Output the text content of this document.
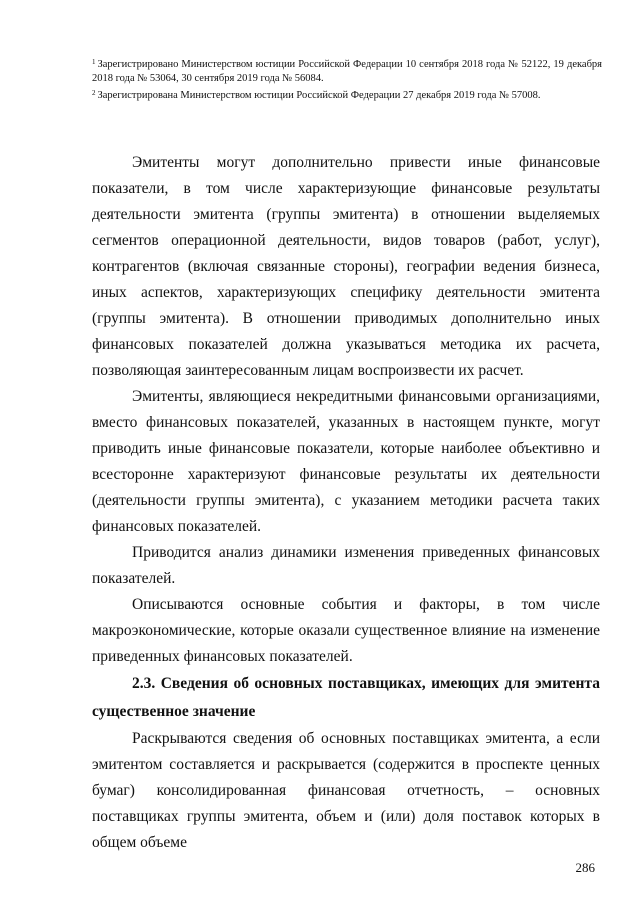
$^1$ Зарегистрировано Министерством юстиции Российской Федерации 10 сентября 2018 года № 52122, 19 декабря 2018 года № 53064, 30 сентября 2019 года № 56084.

$^2$ Зарегистрирована Министерством юстиции Российской Федерации 27 декабря 2019 года № 57008.

Эмитенты могут дополнительно привести иные финансовые показатели, в том числе характеризующие финансовые результаты деятельности эмитента (группы эмитента) в отношении выделяемых сегментов операционной деятельности, видов товаров (работ, услуг), контрагентов (включая связанные стороны), географии ведения бизнеса, иных аспектов, характеризующих специфику деятельности эмитента (группы эмитента). В отношении приводимых дополнительно иных финансовых показателей должна указываться методика их расчета, позволяющая заинтересованным лицам воспроизвести их расчет.

Эмитенты, являющиеся некредитными финансовыми организациями, вместо финансовых показателей, указанных в настоящем пункте, могут приводить иные финансовые показатели, которые наиболее объективно и всесторонне характеризуют финансовые результаты их деятельности (деятельности группы эмитента), с указанием методики расчета таких финансовых показателей.

Приводится анализ динамики изменения приведенных финансовых показателей.

Описываются основные события и факторы, в том числе макроэкономические, которые оказали существенное влияние на изменение приведенных финансовых показателей.

2.3. Сведения об основных поставщиках, имеющих для эмитента существенное значение

Раскрываются сведения об основных поставщиках эмитента, а если эмитентом составляется и раскрывается (содержится в проспекте ценных бумаг) консолидированная финансовая отчетность, – основных поставщиках группы эмитента, объем и (или) доля поставок которых в общем объеме

286
